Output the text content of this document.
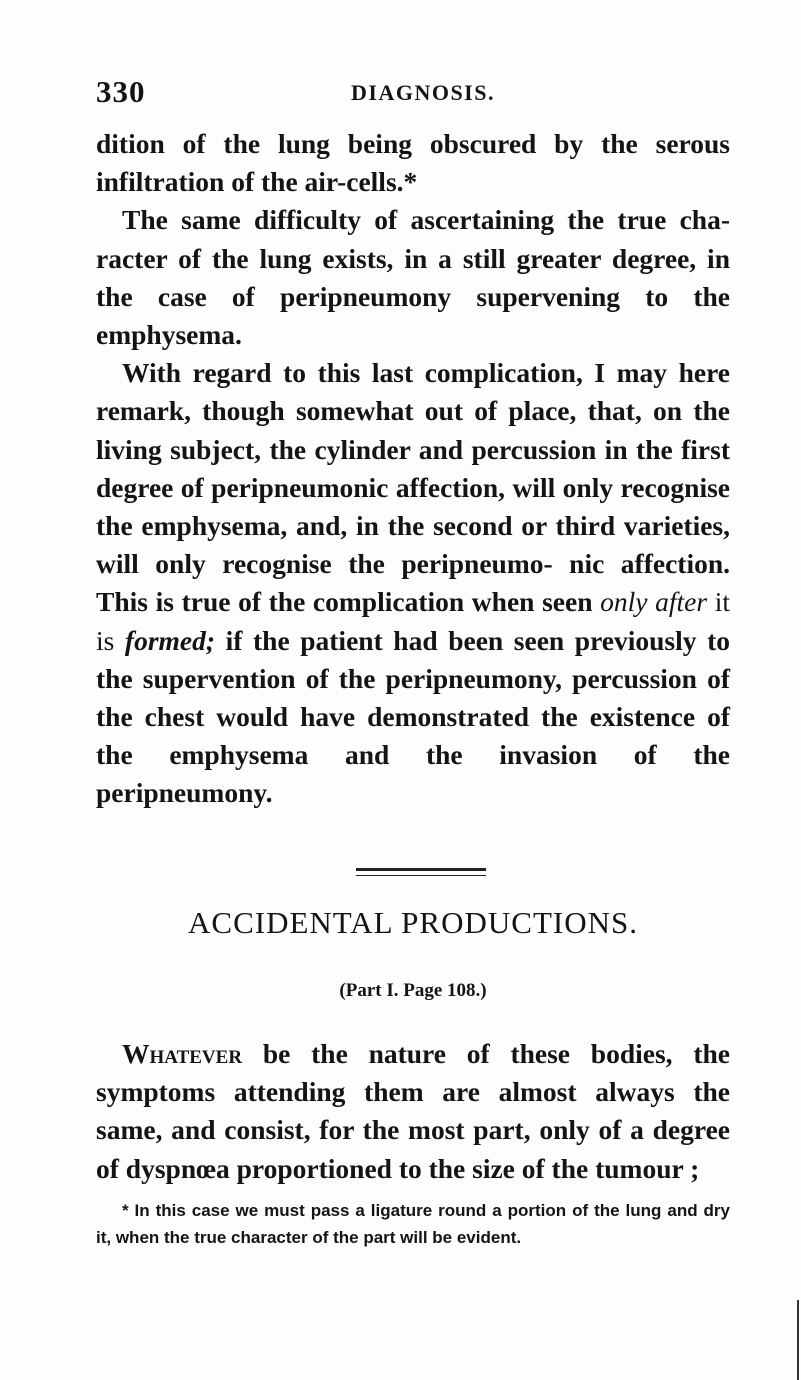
330	DIAGNOSIS.

dition of the lung being obscured by the serous infiltration of the air-cells.*

The same difficulty of ascertaining the true cha- racter of the lung exists, in a still greater degree, in the case of peripneumony supervening to the emphysema.

With regard to this last complication, I may here remark, though somewhat out of place, that, on the living subject, the cylinder and percussion in the first degree of peripneumonic affection, will only recognise the emphysema, and, in the second or third varieties, will only recognise the peripneumo- nic affection. This is true of the complication when seen only after it is formed; if the patient had been seen previously to the supervention of the peripneumony, percussion of the chest would have demonstrated the existence of the emphysema and the invasion of the peripneumony.

ACCIDENTAL PRODUCTIONS.
(Part I. Page 108.)

Whatever be the nature of these bodies, the symptoms attending them are almost always the same, and consist, for the most part, only of a degree of dyspnœa proportioned to the size of the tumour ;

* In this case we must pass a ligature round a portion of the lung and dry it, when the true character of the part will be evident.
